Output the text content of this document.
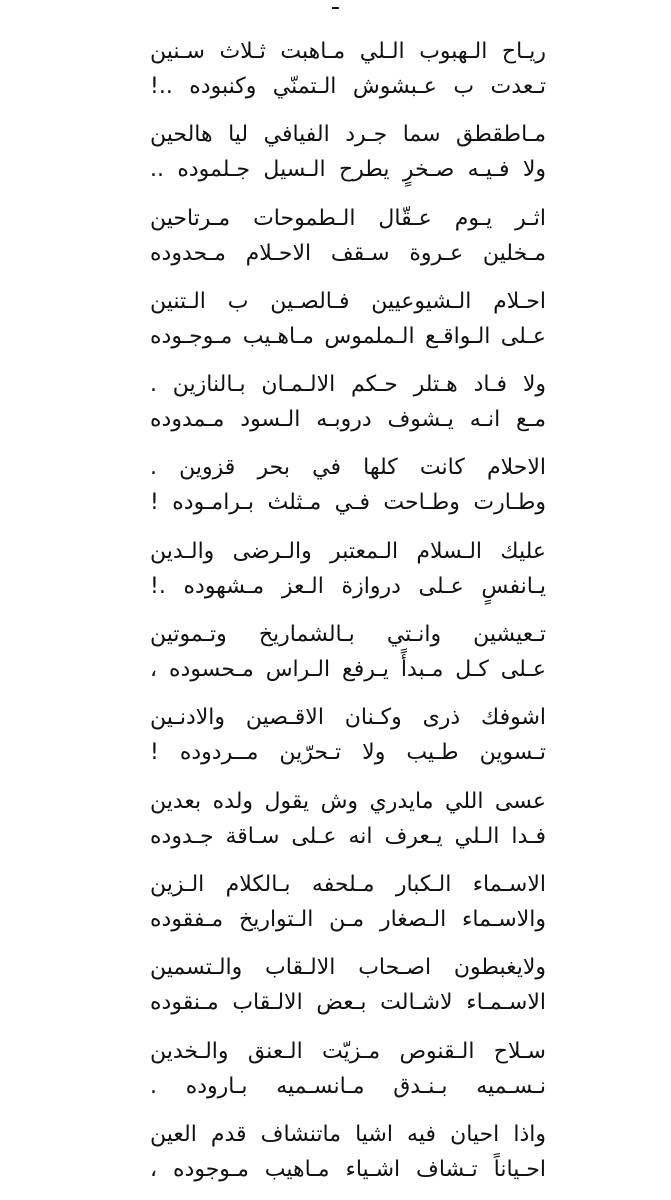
ـ
ريـاح الـهبوب الـلي مـاهبت ثـلاث سـنين
تـعدت ب عـبشوش الـتمنّي وكنبوده ..!
مـاطقطق سما جـرد الفيافي ليا هالحين
ولا فـيـه صـخرٍ يطرح الـسيل جـلموده ..
اثـر يـوم عـقّال الـطموحات مـرتاحين
مـخلين عـروة سـقف الاحـلام مـحدوده
احـلام الـشيوعيين فـالصـين ب الـتنين
عـلى الـواقـع الـملموس مـاهـيب مـوجـوده
ولا فـاد هـتلر حـكم الالـمـان بـالنازين .
مـع انـه يـشوف دروبـه الـسود مـمدوده
الاحلام كانت كلها في بحر قزوين .
وطـارت وطـاحت فـي مـثلث بـرامـوده !
عليك الـسلام الـمعتبر والـرضى والـدين
يـانفسٍ عـلى دروازة الـعز مـشهوده .!
تـعيشين وانـتي بـالشماريخ وتـموتين
عـلى كـل مـبدأً يـرفع الـراس مـحسوده ،
اشوفك ذرى وكـنان الاقـصين والادنـين
تـسوين طـيب ولا تـحرّين مــردوده !
عسى اللي مايدري وش يقول ولده بعدين
فـدا الـلي يـعرف انه عـلى سـاقة جـدوده
الاسـماء الـكبار مـلحفه بـالكلام الـزين
والاسـماء الـصغار مـن الـتواريخ مـفقوده
ولايغبطون اصـحاب الالـقاب والـتسمين
الاسـمـاء لاشـالت بـعض الالـقاب مـنقوده
سـلاح الـقنوص مـزيّت الـعنق والـخدين
نـسـميه بـنـدق مـانسـميه بـاروده .
واذا احيان فيه اشيا ماتنشاف قدم العين
احـياناً تـشاف اشـياء مـاهيب مـوجوده ،
